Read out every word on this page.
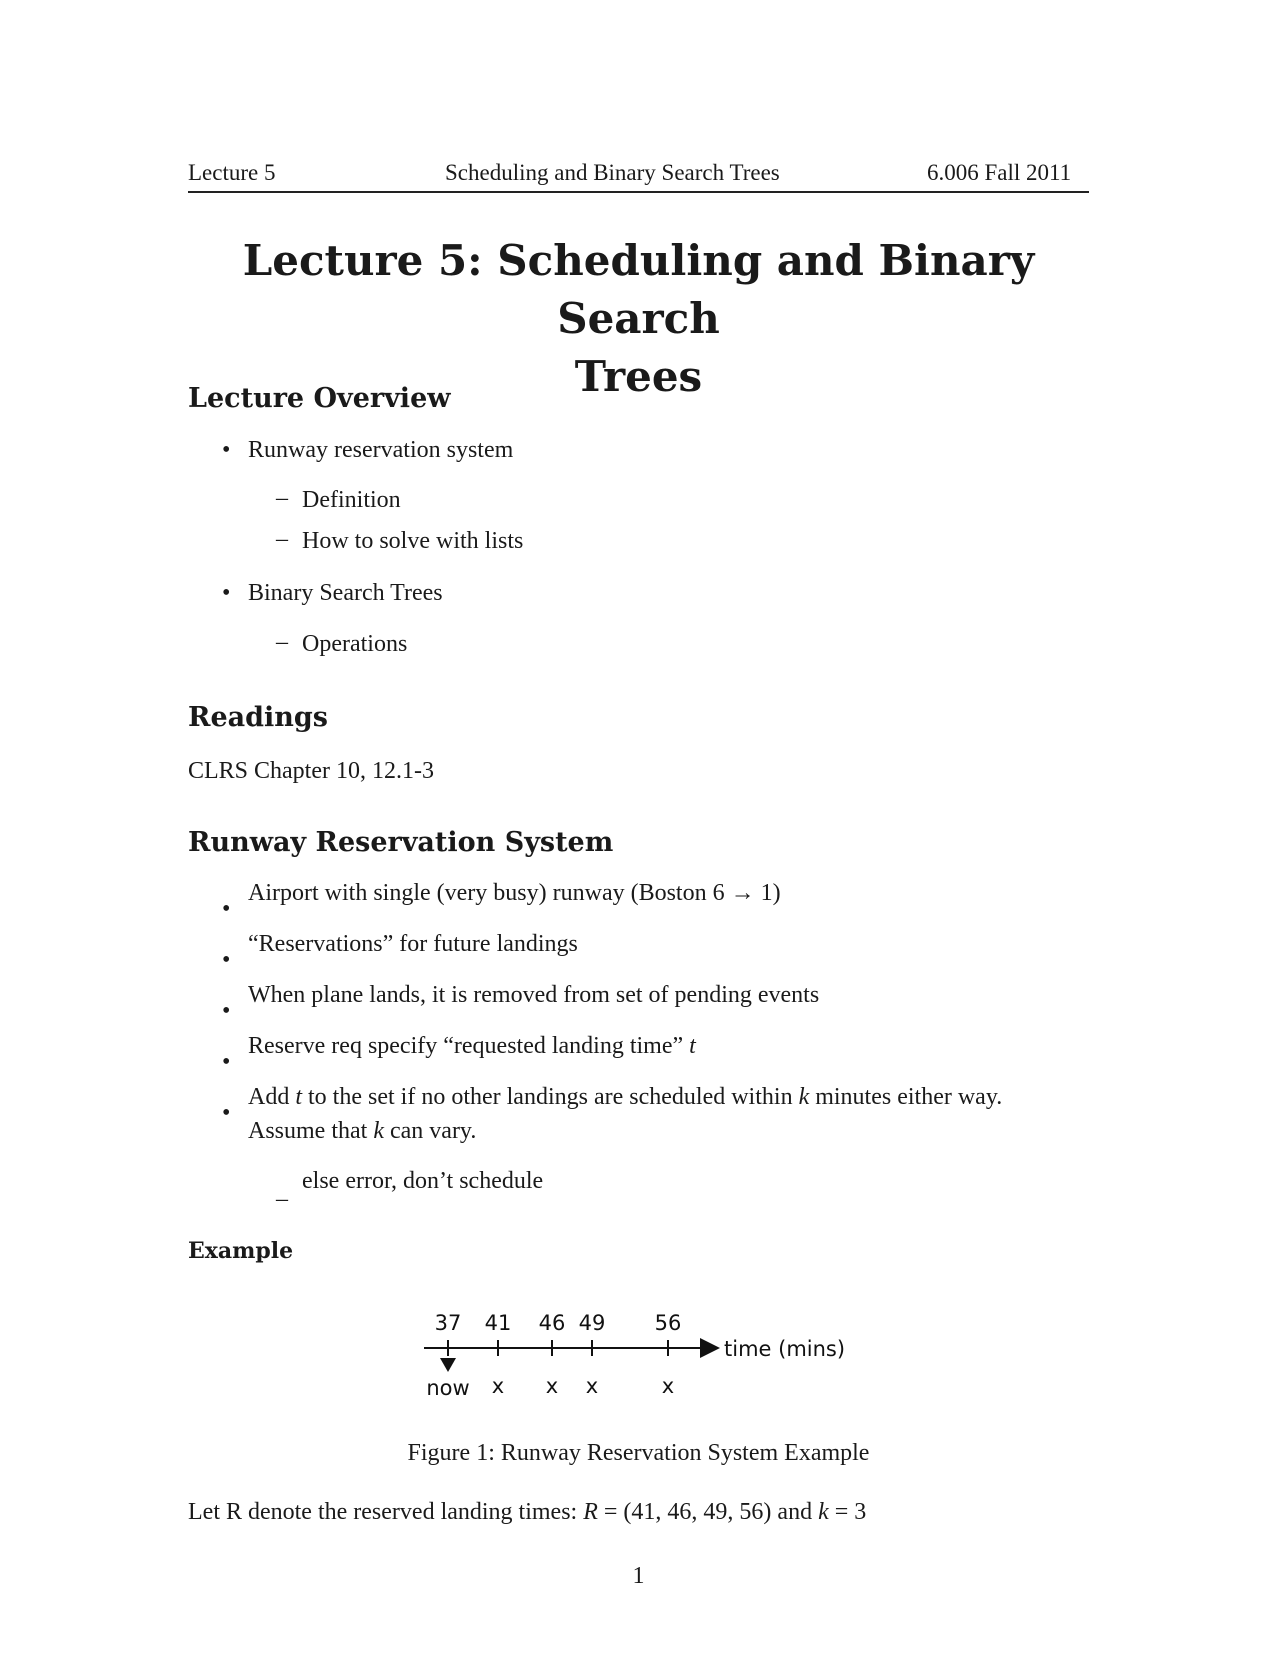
Lecture 5	Scheduling and Binary Search Trees	6.006 Fall 2011
Lecture 5: Scheduling and Binary Search
Trees
Lecture Overview
• Runway reservation system
– Definition
– How to solve with lists
• Binary Search Trees
– Operations
Readings
CLRS Chapter 10, 12.1-3
Runway Reservation System
•
Airport with single (very busy) runway (Boston 6 → 1)
•
“Reservations” for future landings
•
When plane lands, it is removed from set of pending events
•
Reserve req specify “requested landing time” t
•
Add t to the set if no other landings are scheduled within k minutes either way.
Assume that k can vary.
–
else error, don’t schedule
Example
37 41 46 49 56
time (mins)
now x x x	x
Figure 1: Runway Reservation System Example
Let R denote the reserved landing times: R = (41, 46, 49, 56) and k = 3
1
